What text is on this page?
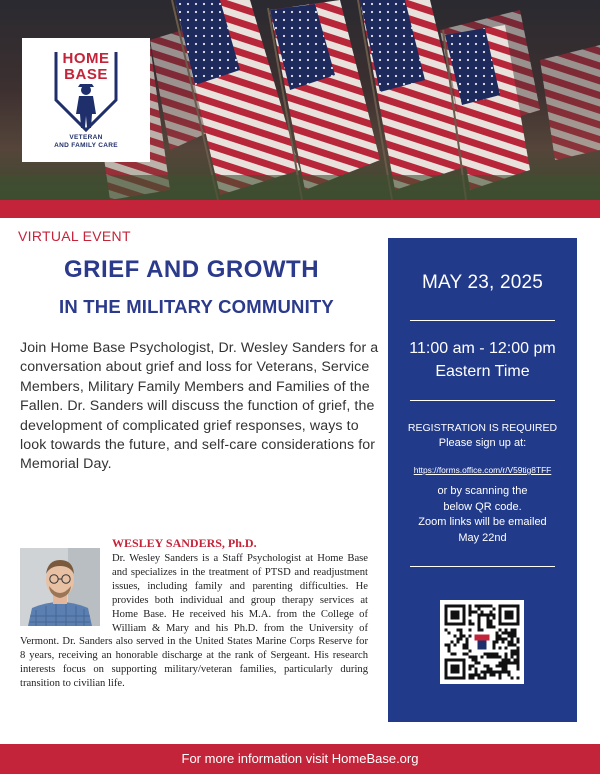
HOME
BASE
VETERAN
AND FAMILY CARE
VIRTUAL EVENT
GRIEF AND GROWTH
IN THE MILITARY COMMUNITY
Join Home Base Psychologist, Dr. Wesley Sanders for a conversation about grief and loss for Veterans, Service Members, Military Family Members and Families of the Fallen. Dr. Sanders will discuss the function of grief, the development of complicated grief responses, ways to look towards the future, and self-care considerations for Memorial Day.
WESLEY SANDERS, Ph.D.
Dr. Wesley Sanders is a Staff Psychologist at Home Base and specializes in the treatment of PTSD and readjustment issues, including family and parenting difficulties. He provides both individual and group therapy services at Home Base. He received his M.A. from the College of William & Mary and his Ph.D. from the University of Vermont. Dr. Sanders also served in the United States Marine Corps Reserve for 8 years, receiving an honorable discharge at the rank of Sergeant. His research interests focus on supporting military/veteran families, particularly during transition to civilian life.
MAY 23, 2025
11:00 am - 12:00 pm
Eastern Time
REGISTRATION IS REQUIRED
Please sign up at:
https://forms.office.com/r/V59tig8TFF
or by scanning the
below QR code.
Zoom links will be emailed
May 22nd
For more information visit HomeBase.org
